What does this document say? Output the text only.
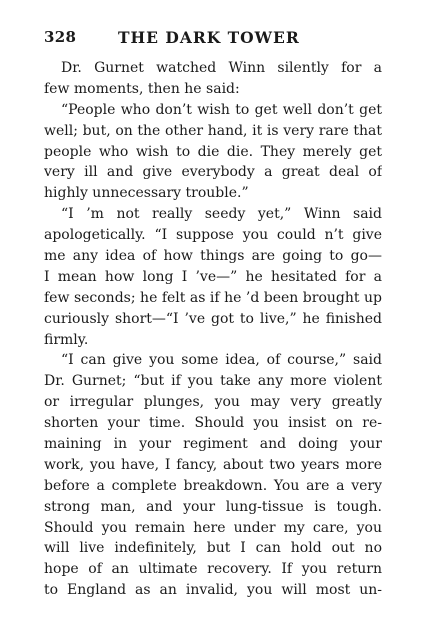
328	THE DARK TOWER
Dr. Gurnet watched Winn silently for a
few moments, then he said:
“People who don’t wish to get well don’t get
well; but, on the other hand, it is very rare that
people who wish to die die. They merely get
very ill and give everybody a great deal of
highly unnecessary trouble.”
“I ’m not really seedy yet,” Winn said
apologetically. “I suppose you could n’t give
me any idea of how things are going to go—
I mean how long I ’ve—” he hesitated for a
few seconds; he felt as if he ’d been brought up
curiously short—“I ’ve got to live,” he finished
firmly.
“I can give you some idea, of course,” said
Dr. Gurnet; “but if you take any more violent
or irregular plunges, you may very greatly
shorten your time. Should you insist on re-
maining in your regiment and doing your
work, you have, I fancy, about two years more
before a complete breakdown. You are a very
strong man, and your lung-tissue is tough.
Should you remain here under my care, you
will live indefinitely, but I can hold out no
hope of an ultimate recovery. If you return
to England as an invalid, you will most un-
